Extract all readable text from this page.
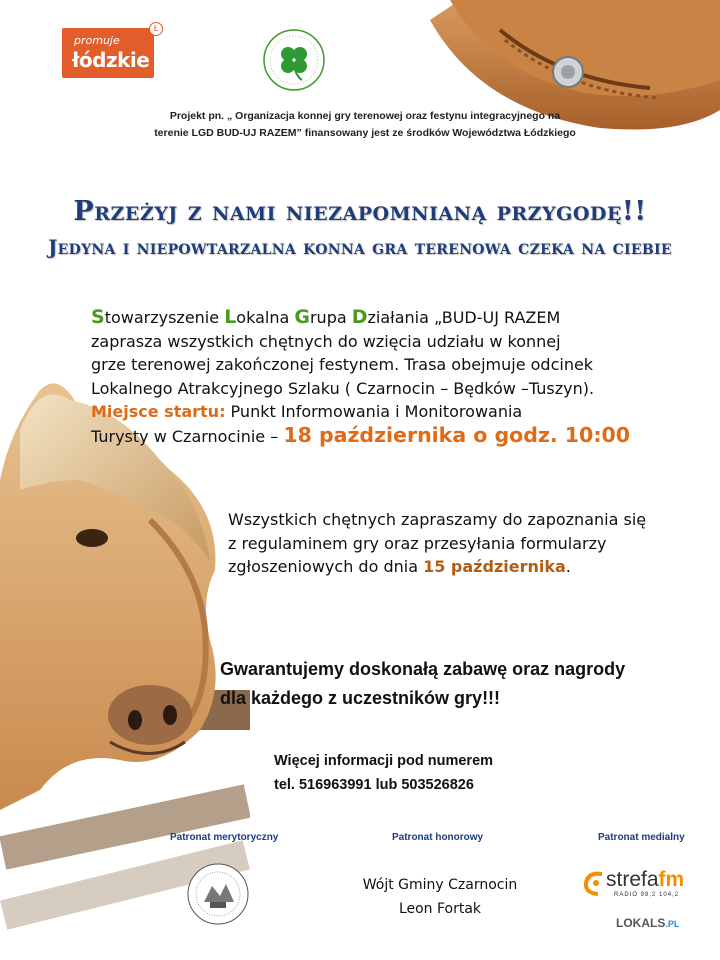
promuje
łódzkie
Ł
Projekt pn. „ Organizacja konnej gry terenowej oraz festynu integracyjnego na
terenie LGD BUD-UJ RAZEM” finansowany jest ze środków Województwa Łódzkiego
Przeżyj z nami niezapomnianą przygodę!!
Jedyna i niepowtarzalna konna gra terenowa czeka na ciebie
Stowarzyszenie Lokalna Grupa Działania „BUD-UJ RAZEM
zaprasza wszystkich chętnych do wzięcia udziału w konnej
grze terenowej zakończonej festynem. Trasa obejmuje odcinek
Lokalnego Atrakcyjnego Szlaku ( Czarnocin – Będków –Tuszyn).
Miejsce startu: Punkt Informowania i Monitorowania
Turysty w Czarnocinie – 18 października o godz. 10:00
Wszystkich chętnych zapraszamy do zapoznania się
z regulaminem gry oraz przesyłania formularzy
zgłoszeniowych do dnia 15 października.
Gwarantujemy doskonałą zabawę oraz nagrody
dla każdego z uczestników gry!!!
Więcej informacji pod numerem
tel. 516963991 lub 503526826
Patronat merytoryczny	Patronat honorowy	Patronat medialny
Wójt Gminy Czarnocin
Leon Fortak
strefafm
RADIO 98,2 104,2
LOKALS.PL
